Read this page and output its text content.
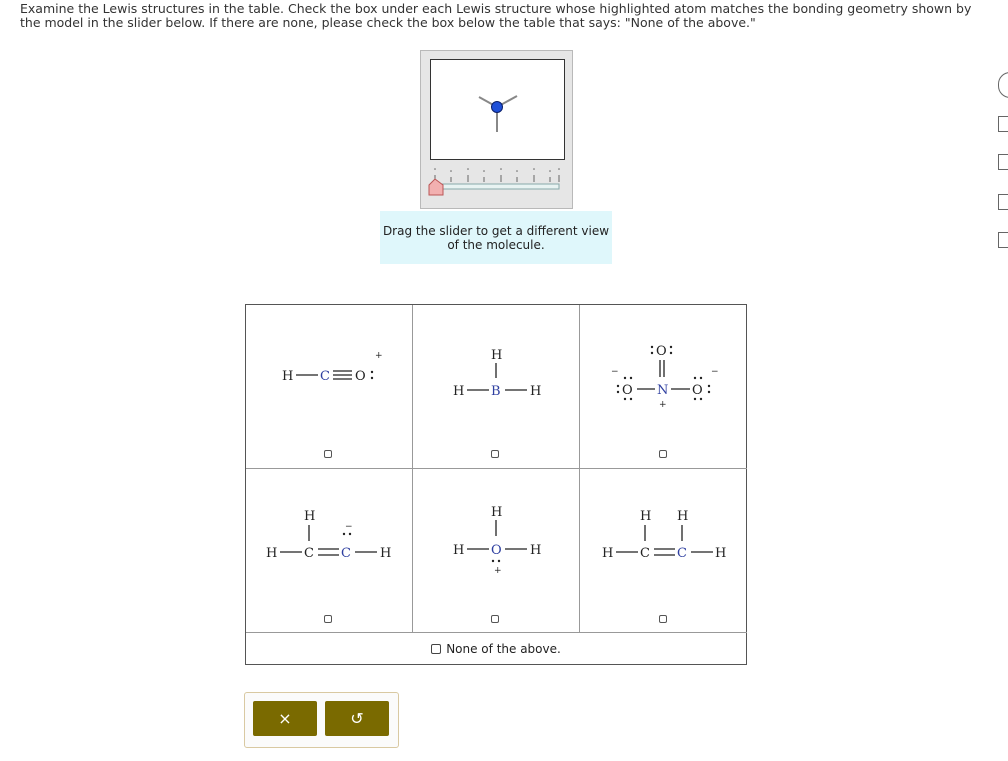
Examine the Lewis structures in the table. Check the box under each Lewis structure whose highlighted atom matches the bonding geometry shown by the model in the slider below. If there are none, please check the box below the table that says: "None of the above."
Drag the slider to get a different view of the molecule.
H C O
+	H
H B H
O
O
−
N
+
O
−
H
H C C
−
H
H
H O
+
H
H H
H C C H
None of the above.
×	↺
